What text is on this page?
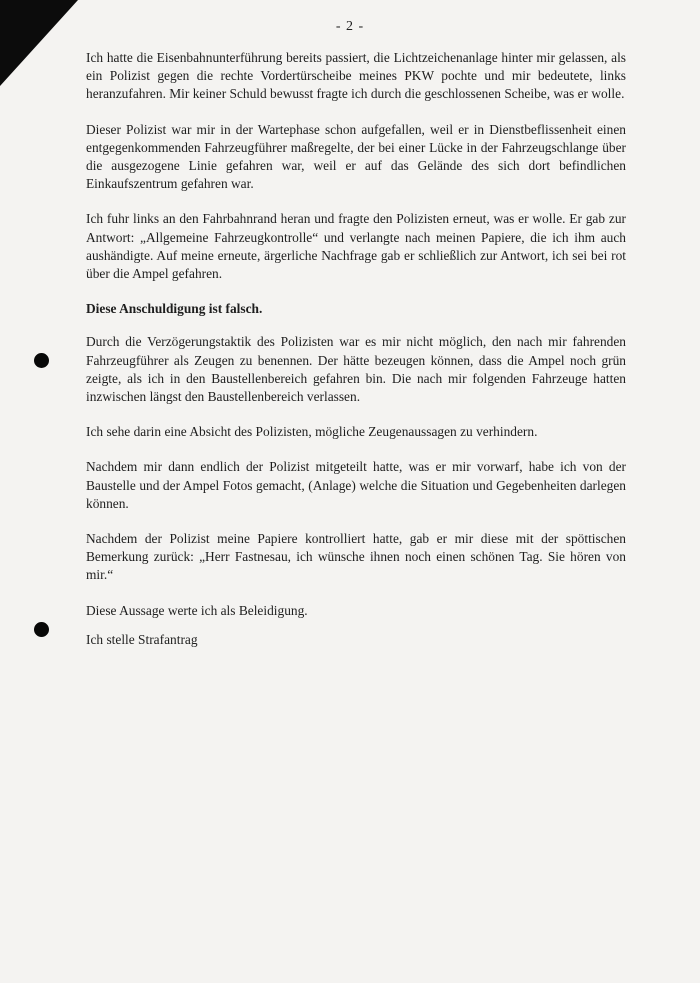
- 2 -

Ich hatte die Eisenbahnunterführung bereits passiert, die Lichtzeichenanlage hinter mir gelassen, als ein Polizist gegen die rechte Vordertürscheibe meines PKW pochte und mir bedeutete, links heranzufahren. Mir keiner Schuld bewusst fragte ich durch die geschlossenen Scheibe, was er wolle.

Dieser Polizist war mir in der Wartephase schon aufgefallen, weil er in Dienstbeflissenheit einen entgegenkommenden Fahrzeugführer maßregelte, der bei einer Lücke in der Fahrzeugschlange über die ausgezogene Linie gefahren war, weil er auf das Gelände des sich dort befindlichen Einkaufszentrum gefahren war.

Ich fuhr links an den Fahrbahnrand heran und fragte den Polizisten erneut, was er wolle. Er gab zur Antwort: „Allgemeine Fahrzeugkontrolle“ und verlangte nach meinen Papiere, die ich ihm auch aushändigte. Auf meine erneute, ärgerliche Nachfrage gab er schließlich zur Antwort, ich sei bei rot über die Ampel gefahren.

Diese Anschuldigung ist falsch.

Durch die Verzögerungstaktik des Polizisten war es mir nicht möglich, den nach mir fahrenden Fahrzeugführer als Zeugen zu benennen. Der hätte bezeugen können, dass die Ampel noch grün zeigte, als ich in den Baustellenbereich gefahren bin. Die nach mir folgenden Fahrzeuge hatten inzwischen längst den Baustellenbereich verlassen.

Ich sehe darin eine Absicht des Polizisten, mögliche Zeugenaussagen zu verhindern.

Nachdem mir dann endlich der Polizist mitgeteilt hatte, was er mir vorwarf, habe ich von der Baustelle und der Ampel Fotos gemacht, (Anlage) welche die Situation und Gegebenheiten darlegen können.

Nachdem der Polizist meine Papiere kontrolliert hatte, gab er mir diese mit der spöttischen Bemerkung zurück: „Herr Fastnesau, ich wünsche ihnen noch einen schönen Tag. Sie hören von mir.“

Diese Aussage werte ich als Beleidigung.

Ich stelle Strafantrag
